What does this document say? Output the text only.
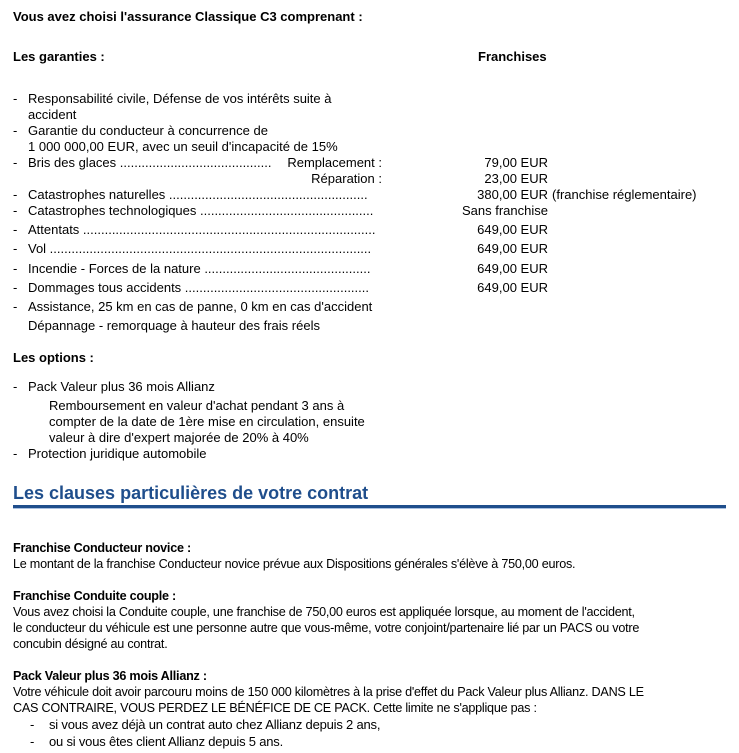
Vous avez choisi l'assurance Classique C3 comprenant :
Les garanties :	Franchises
- Responsabilité civile, Défense de vos intérêts suite à
accident
- Garantie du conducteur à concurrence de
1 000 000,00 EUR, avec un seuil d'incapacité de 15%
- Bris des glaces ..........................................	Remplacement :	79,00 EUR
Réparation :	23,00 EUR
- Catastrophes naturelles .......................................................	380,00 EUR (franchise réglementaire)
- Catastrophes technologiques ................................................	Sans franchise
- Attentats .................................................................................	649,00 EUR
- Vol .........................................................................................	649,00 EUR
- Incendie - Forces de la nature ..............................................	649,00 EUR
- Dommages tous accidents ...................................................	649,00 EUR
- Assistance, 25 km en cas de panne, 0 km en cas d'accident
Dépannage - remorquage à hauteur des frais réels
Les options :
- Pack Valeur plus 36 mois Allianz
Remboursement en valeur d'achat pendant 3 ans à
compter de la date de 1ère mise en circulation, ensuite
valeur à dire d'expert majorée de 20% à 40%
- Protection juridique automobile
Les clauses particulières de votre contrat
Franchise Conducteur novice :
Le montant de la franchise Conducteur novice prévue aux Dispositions générales s'élève à 750,00 euros.
Franchise Conduite couple :
Vous avez choisi la Conduite couple, une franchise de 750,00 euros est appliquée lorsque, au moment de l'accident,
le conducteur du véhicule est une personne autre que vous-même, votre conjoint/partenaire lié par un PACS ou votre
concubin désigné au contrat.
Pack Valeur plus 36 mois Allianz :
Votre véhicule doit avoir parcouru moins de 150 000 kilomètres à la prise d'effet du Pack Valeur plus Allianz. DANS LE
CAS CONTRAIRE, VOUS PERDEZ LE BÉNÉFICE DE CE PACK. Cette limite ne s'applique pas :
- si vous avez déjà un contrat auto chez Allianz depuis 2 ans,
- ou si vous êtes client Allianz depuis 5 ans.
